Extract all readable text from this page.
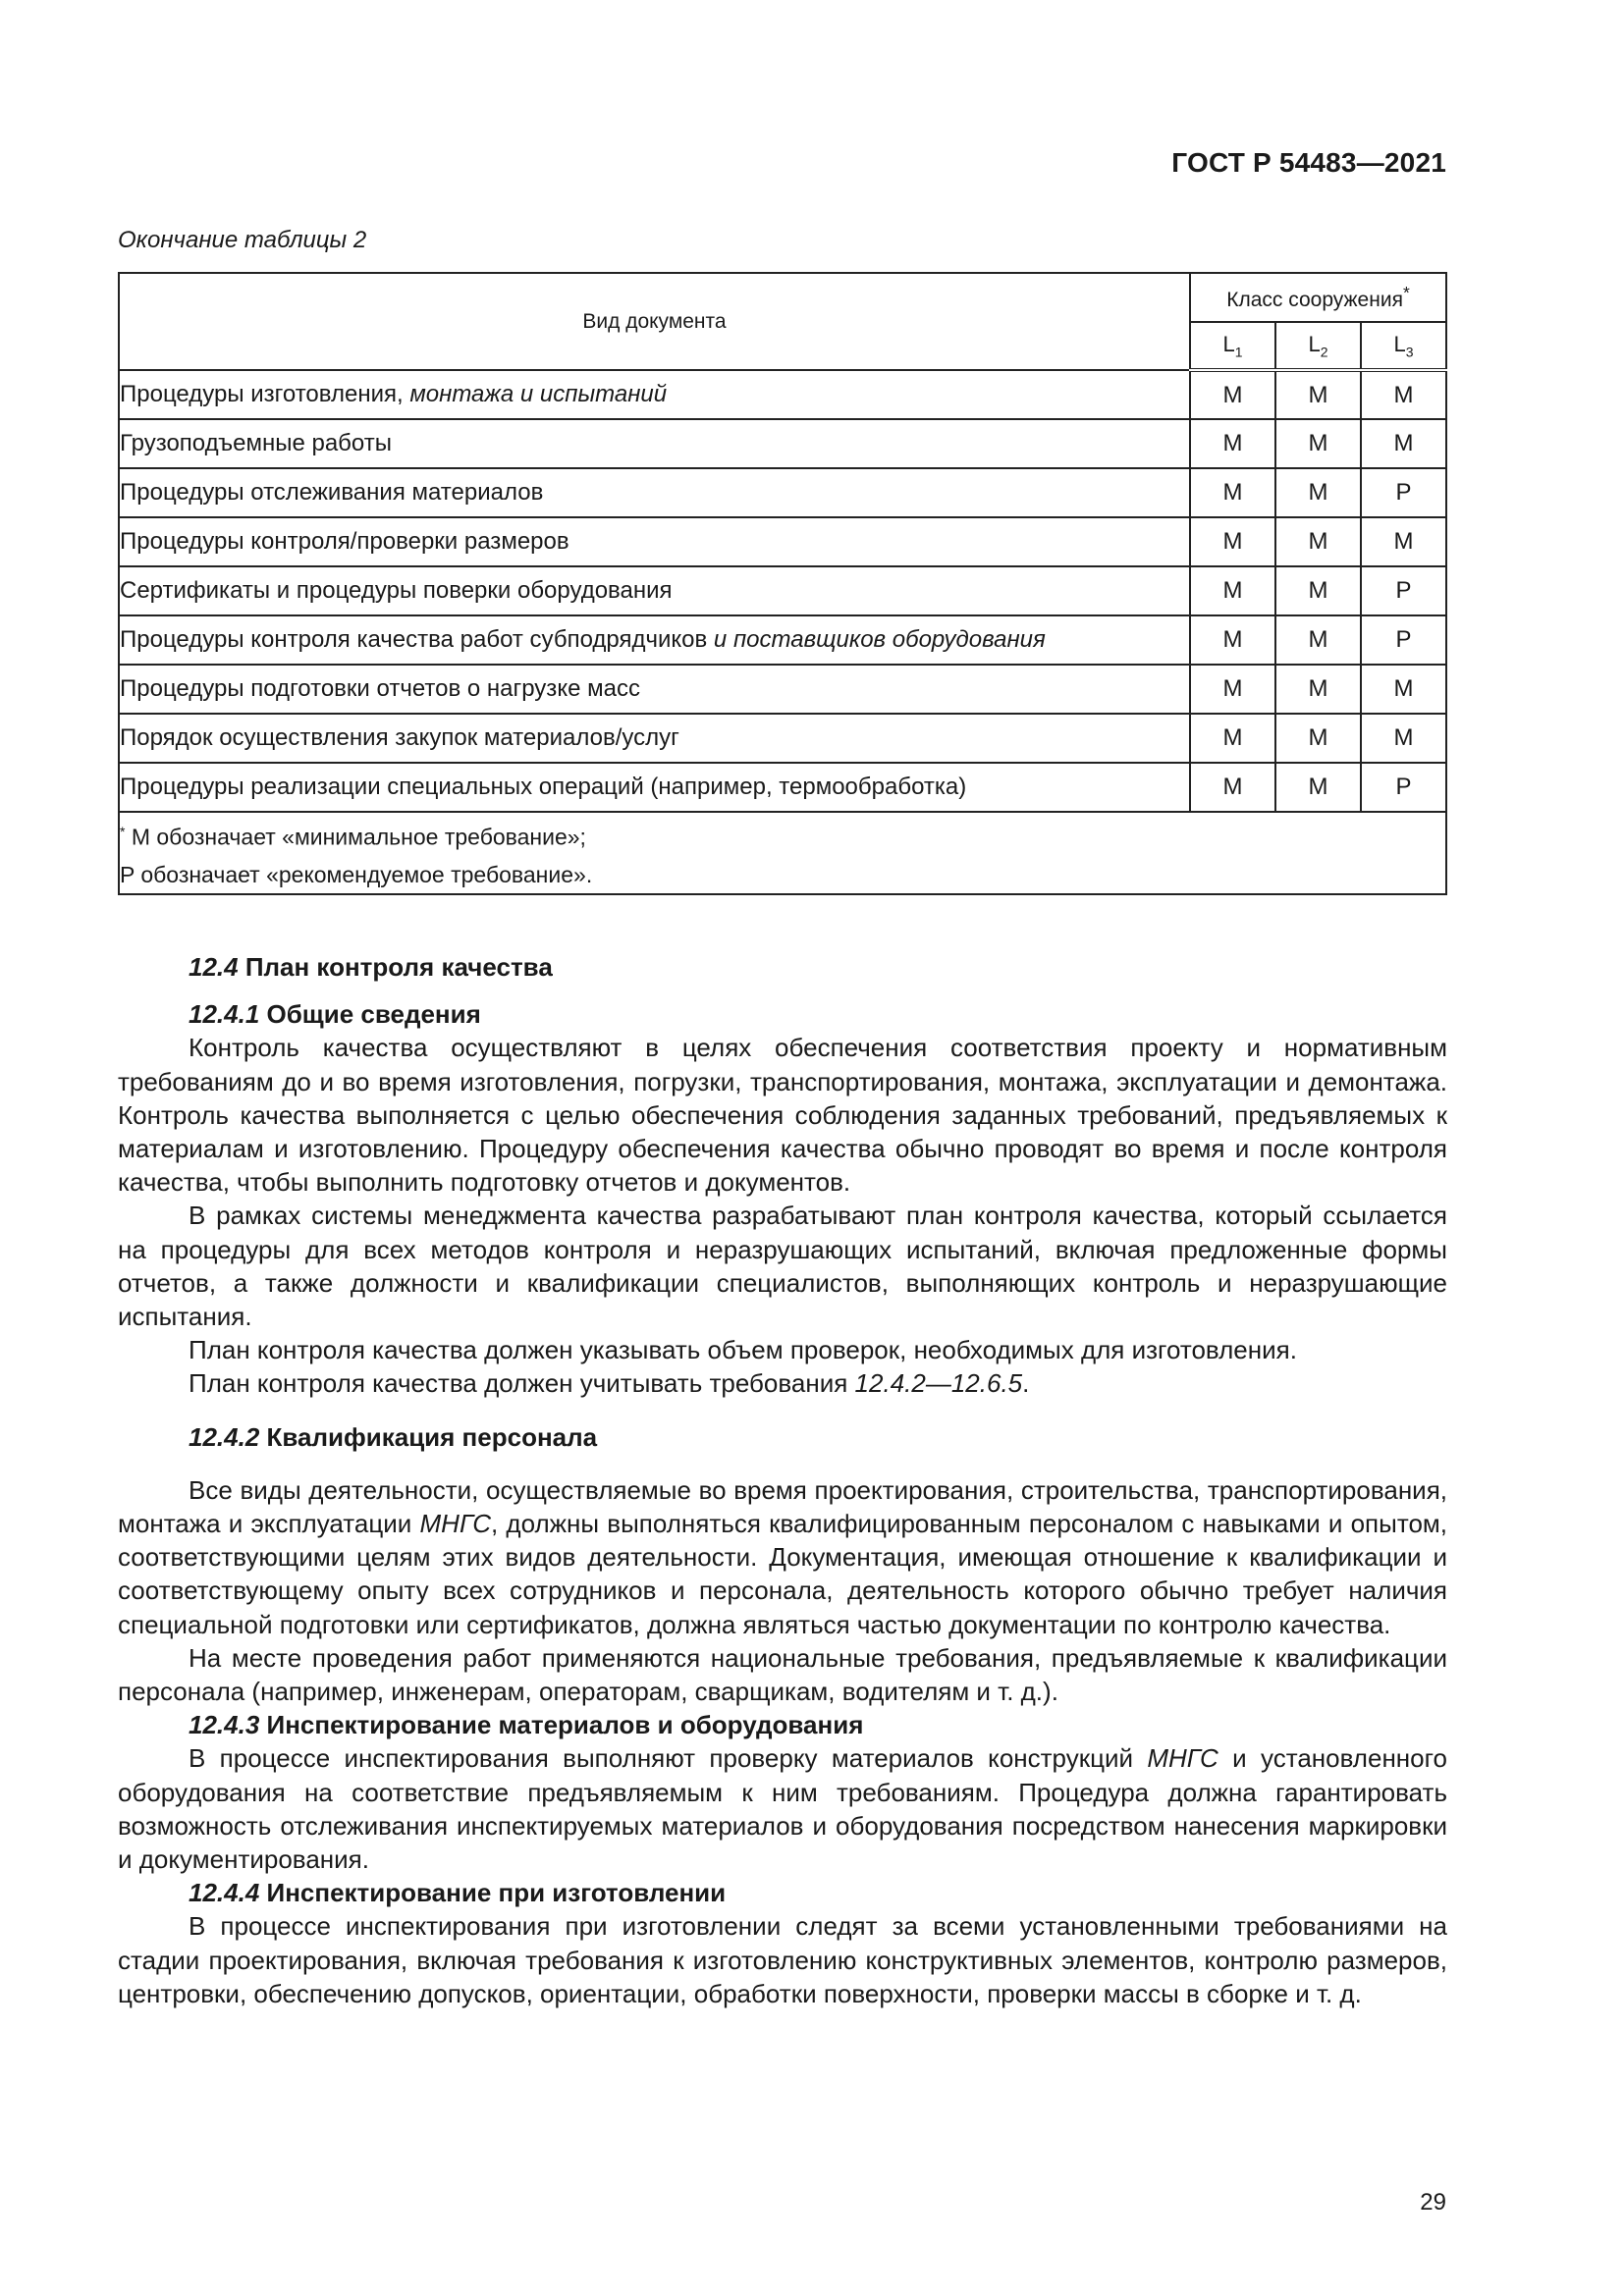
ГОСТ Р 54483—2021
Окончание таблицы 2
Вид документа	Класс сооружения*
	$L_1$	$L_2$	$L_3$
Процедуры изготовления, монтажа и испытаний	M	M	M
Грузоподъемные работы	M	M	M
Процедуры отслеживания материалов	M	M	P
Процедуры контроля/проверки размеров	M	M	M
Сертификаты и процедуры поверки оборудования	M	M	P
Процедуры контроля качества работ субподрядчиков и поставщиков оборудования	M	M	P
Процедуры подготовки отчетов о нагрузке масс	M	M	M
Порядок осуществления закупок материалов/услуг	M	M	M
Процедуры реализации специальных операций (например, термообработка)	M	M	P

* M обозначает «минимальное требование»;
P обозначает «рекомендуемое требование».			
12.4 План контроля качества
12.4.1 Общие сведения
Контроль качества осуществляют в целях обеспечения соответствия проекту и нормативным требованиям до и во время изготовления, погрузки, транспортирования, монтажа, эксплуатации и демонтажа. Контроль качества выполняется с целью обеспечения соблюдения заданных требований, предъявляемых к материалам и изготовлению. Процедуру обеспечения качества обычно проводят во время и после контроля качества, чтобы выполнить подготовку отчетов и документов.
В рамках системы менеджмента качества разрабатывают план контроля качества, который ссылается на процедуры для всех методов контроля и неразрушающих испытаний, включая предложенные формы отчетов, а также должности и квалификации специалистов, выполняющих контроль и неразрушающие испытания.
План контроля качества должен указывать объем проверок, необходимых для изготовления.
План контроля качества должен учитывать требования 12.4.2—12.6.5.
12.4.2 Квалификация персонала
Все виды деятельности, осуществляемые во время проектирования, строительства, транспортирования, монтажа и эксплуатации МНГС, должны выполняться квалифицированным персоналом с навыками и опытом, соответствующими целям этих видов деятельности. Документация, имеющая отношение к квалификации и соответствующему опыту всех сотрудников и персонала, деятельность которого обычно требует наличия специальной подготовки или сертификатов, должна являться частью документации по контролю качества.
На месте проведения работ применяются национальные требования, предъявляемые к квалификации персонала (например, инженерам, операторам, сварщикам, водителям и т. д.).
12.4.3 Инспектирование материалов и оборудования
В процессе инспектирования выполняют проверку материалов конструкций МНГС и установленного оборудования на соответствие предъявляемым к ним требованиям. Процедура должна гарантировать возможность отслеживания инспектируемых материалов и оборудования посредством нанесения маркировки и документирования.
12.4.4 Инспектирование при изготовлении
В процессе инспектирования при изготовлении следят за всеми установленными требованиями на стадии проектирования, включая требования к изготовлению конструктивных элементов, контролю размеров, центровки, обеспечению допусков, ориентации, обработки поверхности, проверки массы в сборке и т. д.
29
